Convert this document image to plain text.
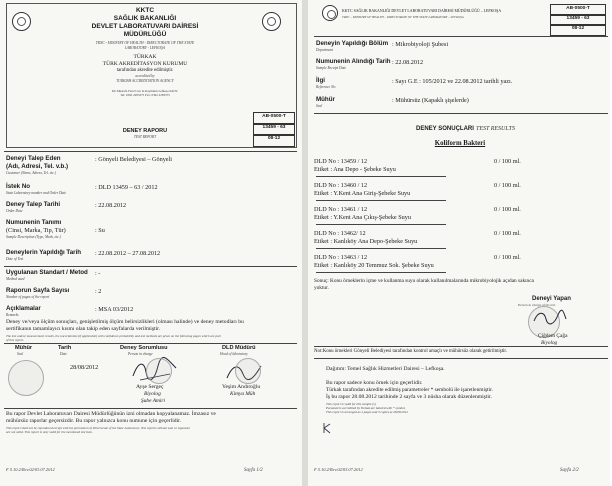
KKTC
SAĞLIK BAKANLIĞI
DEVLET LABORATUVARI DAİRESİ
MÜDÜRLÜĞÜ
TRNC - MINISTRY OF HEALTH - DIRECTORATE OF THE STATE
LABORATORY - LEFKOŞA
TÜRKAK
TÜRK AKREDİTASYON KURUMU
tarafından akredite edilmiştir.
accredited by
TURKISH ACCREDITATION AGENCY
Mc.Mustafa Fazıl Cad. K.Kaymaklı Lefkoşa KKTC
Tel: 0392 2283375 Fax: 0392 2283375
DENEY RAPORU
TEST REPORT
AB-0500-T
13459 - 63
08-12
Deneyi Talep Eden
(Adı, Adresi, Tel. v.b.)
Customer (Name, Adress, Tel. etc.)
: Gönyeli Belediyesi – Gönyeli
İstek No
State Laboratory number and Order Date
: DLD 13459 – 63 / 2012
Deney Talep Tarihi
Order Date
: 22.08.2012
Numunenin Tanımı
(Cinsi, Marka, Tip, Tür)
Sample Description (Type, Mark, etc.)
: Su
Deneylerin Yapıldığı Tarih
Date of Test
: 22.08.2012 – 27.08.2012
Uygulanan Standart / Metod
Method used
: -
Raporun Sayfa Sayısı
Number of pages of the report
: 2
Açıklamalar
Remarks
: MSA 03/2012
Deney ve/veya ölçüm sonuçları, genişletilmiş ölçüm belirsizlikleri (olması halinde) ve deney metodları bu
sertifikanın tamamlayıcı kısmı olan takip eden sayfalarda verilmiştir.
The test and/or measurement results, the uncertainties (if applicable) with confidence probability and test methods are given on the following pages which are part
of this report.
Mühür
Seal
Tarih
Date
Deney Sorumlusu
Person in charge
DLD Müdürü
Head of laboratory
28/08/2012
Ayşe Sergeç
Biyolog
Şube Amiri
Yeşim Andıroğlu
Kimya Müh
Bu rapor Devlet Laboratuvarı Dairesi Müdürlüğünün izni olmadan kopyalanamaz. İmzasız ve
mühürsüz raporlar geçersizdir. Bu rapor yalnızca konu numune için geçerlidir.
This report shall not be reproduced except with the permission of Directorate of the State Laboratory. Test reports without seal or signature
are not valid. This report is only valid for the mentioned test item.
F 5.10.2/Rev.02/03.07.2012	Sayfa 1/2
KKTC SAĞLIK BAKANLIĞI DEVLET LABORATUVARI DAİRESİ MÜDÜRLÜĞÜ – LEFKOŞA
TRNC – MINISTRY OF HEALTH – DIRECTORATE OF THE STATE LABORATORY – LEFKOŞA
AB-0500-T
13459 - 63
08-12
Deneyin Yapıldığı Bölüm
Department
: Mikrobiyoloji Şubesi
Numunenin Alındığı Tarih
Sample Receipt Date
: 22.08.2012
İlgi
Reference No.
: Sayı G.E : 105/2012 ve 22.08.2012 tarihli yazı.
Mühür
Seal
: Mühürsüz (Kapaklı şişelerde)
DENEY SONUÇLARI TEST RESULTS
Koliform Bakteri
DLD No : 13459 / 12
Etiket : Ana Depo - Şebeke Suyu
0 / 100 ml.
DLD No : 13460 / 12
Etiket : Y.Kent Ana Giriş-Şebeke Suyu
0 / 100 ml.
DLD No : 13461 / 12
Etiket : Y.Kent Ana Çıkış-Şebeke Suyu
0 / 100 ml.
DLD No : 13462/ 12
Etiket : Kanlıköy Ana Depo-Şebeke Suyu
0 / 100 ml.
DLD No : 13463 / 12
Etiket : Kanlıköy 20 Temmuz Sok. Şebeke Suyu
0 / 100 ml.
Sonuç: Konu örneklerin içme ve kullanma suyu olarak kullanılmalarında mikrobiyolojik açıdan sakınca
yoktur.
Deneyi Yapan
Person in charge of the test
Çiğdem Çağa
Biyolog
Not:Konu örnekleri Gönyeli Belediyesi tarafından kontrol amaçlı ve mühürsüz olarak getirilmiştir.
Dağıtım: Temel Sağlık Hizmetleri Dairesi – Lefkoşa.
Bu rapor sadece konu örnek için geçerlidir.
Türkak tarafından akredite edilmiş parametreler * sembolü ile işaretlenmiştir.
İş bu rapor 28.08.2012 tarihinde 2 sayfa ve 3 nüsha olarak düzenlenmiştir.
This report is valid for this sample (s)
Parameters accredited by Turkak are labeled with * symbol.
This report is arranged as 2 pages and 3 copies at 28.08.2012
F 5.10.2/Rev.02/03.07.2012	Sayfa 2/2
